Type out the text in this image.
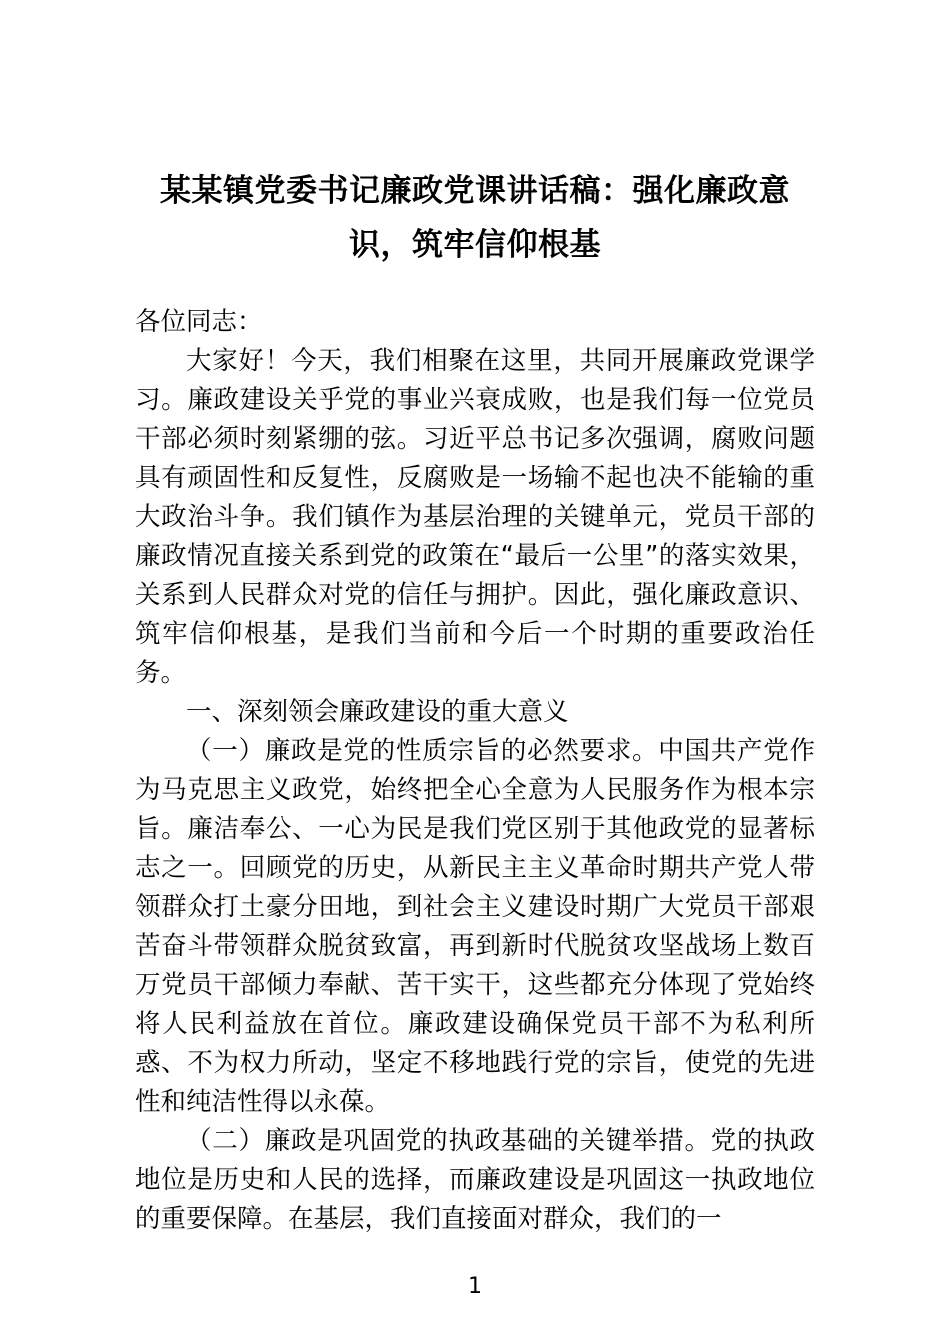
某某镇党委书记廉政党课讲话稿：强化廉政意识，筑牢信仰根基

各位同志：

大家好！今天，我们相聚在这里，共同开展廉政党课学习。廉政建设关乎党的事业兴衰成败，也是我们每一位党员干部必须时刻紧绷的弦。习近平总书记多次强调，腐败问题具有顽固性和反复性，反腐败是一场输不起也决不能输的重大政治斗争。我们镇作为基层治理的关键单元，党员干部的廉政情况直接关系到党的政策在“最后一公里”的落实效果，关系到人民群众对党的信任与拥护。因此，强化廉政意识、筑牢信仰根基，是我们当前和今后一个时期的重要政治任务。

一、深刻领会廉政建设的重大意义

（一）廉政是党的性质宗旨的必然要求。中国共产党作为马克思主义政党，始终把全心全意为人民服务作为根本宗旨。廉洁奉公、一心为民是我们党区别于其他政党的显著标志之一。回顾党的历史，从新民主主义革命时期共产党人带领群众打土豪分田地，到社会主义建设时期广大党员干部艰苦奋斗带领群众脱贫致富，再到新时代脱贫攻坚战场上数百万党员干部倾力奉献、苦干实干，这些都充分体现了党始终将人民利益放在首位。廉政建设确保党员干部不为私利所惑、不为权力所动，坚定不移地践行党的宗旨，使党的先进性和纯洁性得以永葆。

（二）廉政是巩固党的执政基础的关键举措。党的执政地位是历史和人民的选择，而廉政建设是巩固这一执政地位的重要保障。在基层，我们直接面对群众，我们的一

1
